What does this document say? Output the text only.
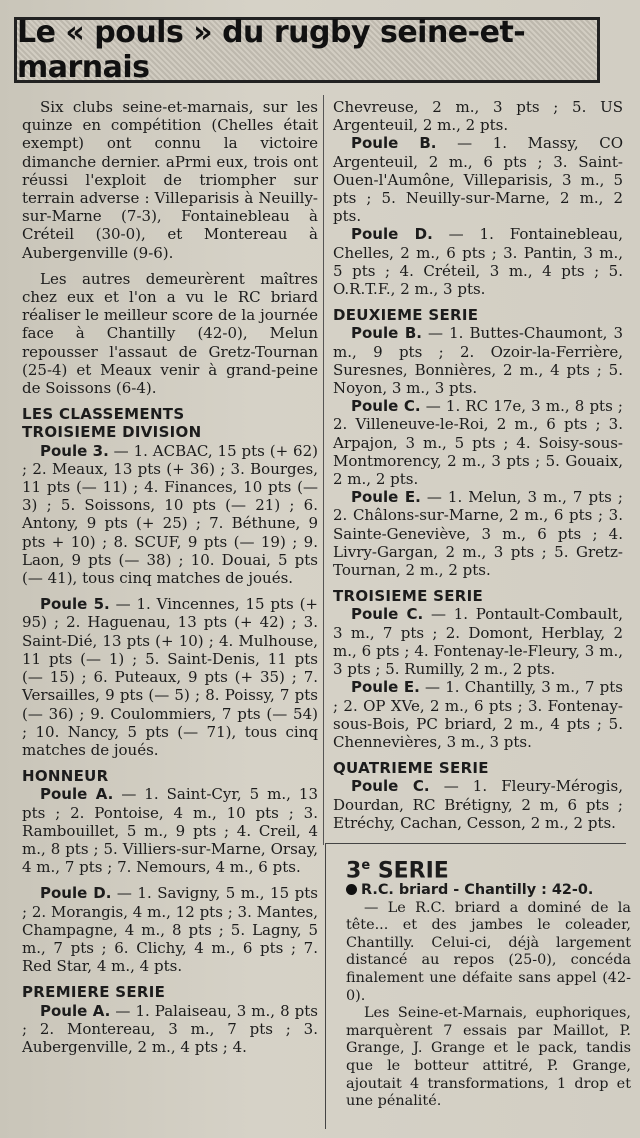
Le « pouls » du rugby seine-et-marnais

Six clubs seine-et-marnais, sur les quinze en compétition (Chelles était exempt) ont connu la victoire dimanche dernier. aPrmi eux, trois ont réussi l'exploit de triompher sur terrain adverse : Villeparisis à Neuilly-sur-Marne (7-3), Fontainebleau à Créteil (30-0), et Montereau à Aubergenville (9-6).

Les autres demeurèrent maîtres chez eux et l'on a vu le RC briard réaliser le meilleur score de la journée face à Chantilly (42-0), Melun repousser l'assaut de Gretz-Tournan (25-4) et Meaux venir à grand-peine de Soissons (6-4).

LES CLASSEMENTS

TROISIEME DIVISION

Poule 3. — 1. ACBAC, 15 pts (+ 62) ; 2. Meaux, 13 pts (+ 36) ; 3. Bourges, 11 pts (— 11) ; 4. Finances, 10 pts (— 3) ; 5. Soissons, 10 pts (— 21) ; 6. Antony, 9 pts (+ 25) ; 7. Béthune, 9 pts + 10) ; 8. SCUF, 9 pts (— 19) ; 9. Laon, 9 pts (— 38) ; 10. Douai, 5 pts (— 41), tous cinq matches de joués.

Poule 5. — 1. Vincennes, 15 pts (+ 95) ; 2. Haguenau, 13 pts (+ 42) ; 3. Saint-Dié, 13 pts (+ 10) ; 4. Mulhouse, 11 pts (— 1) ; 5. Saint-Denis, 11 pts (— 15) ; 6. Puteaux, 9 pts (+ 35) ; 7. Versailles, 9 pts (— 5) ; 8. Poissy, 7 pts (— 36) ; 9. Coulommiers, 7 pts (— 54) ; 10. Nancy, 5 pts (— 71), tous cinq matches de joués.

HONNEUR

Poule A. — 1. Saint-Cyr, 5 m., 13 pts ; 2. Pontoise, 4 m., 10 pts ; 3. Rambouillet, 5 m., 9 pts ; 4. Creil, 4 m., 8 pts ; 5. Villiers-sur-Marne, Orsay, 4 m., 7 pts ; 7. Nemours, 4 m., 6 pts.

Poule D. — 1. Savigny, 5 m., 15 pts ; 2. Morangis, 4 m., 12 pts ; 3. Mantes, Champagne, 4 m., 8 pts ; 5. Lagny, 5 m., 7 pts ; 6. Clichy, 4 m., 6 pts ; 7. Red Star, 4 m., 4 pts.

PREMIERE SERIE

Poule A. — 1. Palaiseau, 3 m., 8 pts ; 2. Montereau, 3 m., 7 pts ; 3. Aubergenville, 2 m., 4 pts ; 4.

Chevreuse, 2 m., 3 pts ; 5. US Argenteuil, 2 m., 2 pts.

Poule B. — 1. Massy, CO Argenteuil, 2 m., 6 pts ; 3. Saint-Ouen-l'Aumône, Villeparisis, 3 m., 5 pts ; 5. Neuilly-sur-Marne, 2 m., 2 pts.

Poule D. — 1. Fontainebleau, Chelles, 2 m., 6 pts ; 3. Pantin, 3 m., 5 pts ; 4. Créteil, 3 m., 4 pts ; 5. O.R.T.F., 2 m., 3 pts.

DEUXIEME SERIE

Poule B. — 1. Buttes-Chaumont, 3 m., 9 pts ; 2. Ozoir-la-Ferrière, Suresnes, Bonnières, 2 m., 4 pts ; 5. Noyon, 3 m., 3 pts.

Poule C. — 1. RC 17e, 3 m., 8 pts ; 2. Villeneuve-le-Roi, 2 m., 6 pts ; 3. Arpajon, 3 m., 5 pts ; 4. Soisy-sous-Montmorency, 2 m., 3 pts ; 5. Gouaix, 2 m., 2 pts.

Poule E. — 1. Melun, 3 m., 7 pts ; 2. Châlons-sur-Marne, 2 m., 6 pts ; 3. Sainte-Geneviève, 3 m., 6 pts ; 4. Livry-Gargan, 2 m., 3 pts ; 5. Gretz-Tournan, 2 m., 2 pts.

TROISIEME SERIE

Poule C. — 1. Pontault-Combault, 3 m., 7 pts ; 2. Domont, Herblay, 2 m., 6 pts ; 4. Fontenay-le-Fleury, 3 m., 3 pts ; 5. Rumilly, 2 m., 2 pts.

Poule E. — 1. Chantilly, 3 m., 7 pts ; 2. OP XVe, 2 m., 6 pts ; 3. Fontenay-sous-Bois, PC briard, 2 m., 4 pts ; 5. Chennevières, 3 m., 3 pts.

QUATRIEME SERIE

Poule C. — 1. Fleury-Mérogis, Dourdan, RC Brétigny, 2 m, 6 pts ; Etréchy, Cachan, Cesson, 2 m., 2 pts.

3e SERIE

R.C. briard - Chantilly : 42-0.

— Le R.C. briard a dominé de la tête... et des jambes le coleader, Chantilly. Celui-ci, déjà largement distancé au repos (25-0), concéda finalement une défaite sans appel (42-0).

Les Seine-et-Marnais, euphoriques, marquèrent 7 essais par Maillot, P. Grange, J. Grange et le pack, tandis que le botteur attitré, P. Grange, ajoutait 4 transformations, 1 drop et une pénalité.
